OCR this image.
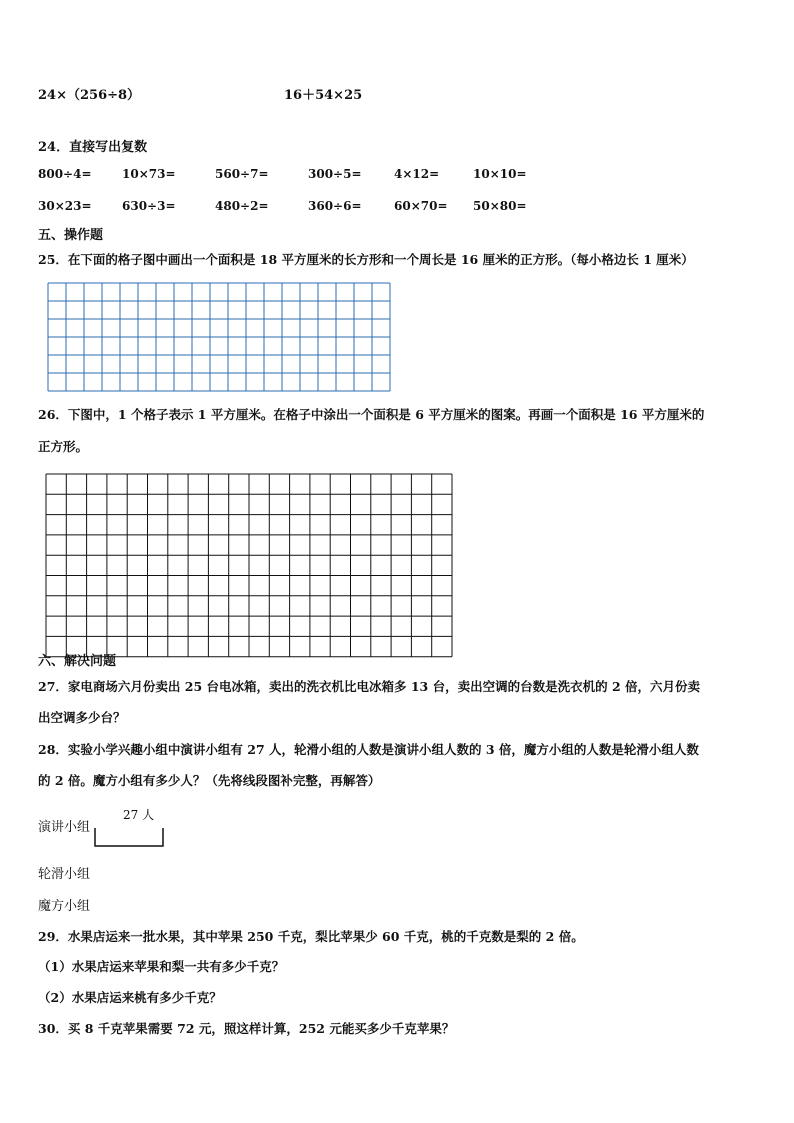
24×（256÷8）	16＋54×25
24．直接写出复数
800÷4=	10×73=	560÷7=	300÷5=	4×12=	10×10=
30×23=	630÷3=	480÷2=	360÷6=	60×70= 50×80=
五、操作题
25．在下面的格子图中画出一个面积是 18 平方厘米的长方形和一个周长是 16 厘米的正方形。（每小格边长 1 厘米）
26．下图中，1 个格子表示 1 平方厘米。在格子中涂出一个面积是 6 平方厘米的图案。再画一个面积是 16 平方厘米的
正方形。
六、解决问题
27．家电商场六月份卖出 25 台电冰箱，卖出的洗衣机比电冰箱多 13 台，卖出空调的台数是洗衣机的 2 倍，六月份卖
出空调多少台？
28．实验小学兴趣小组中演讲小组有 27 人，轮滑小组的人数是演讲小组人数的 3 倍，魔方小组的人数是轮滑小组人数
的 2 倍。魔方小组有多少人？（先将线段图补完整，再解答）
27 人
演讲小组
轮滑小组
魔方小组
29．水果店运来一批水果，其中苹果 250 千克，梨比苹果少 60 千克，桃的千克数是梨的 2 倍。
（1）水果店运来苹果和梨一共有多少千克？
（2）水果店运来桃有多少千克？
30．买 8 千克苹果需要 72 元，照这样计算，252 元能买多少千克苹果？
